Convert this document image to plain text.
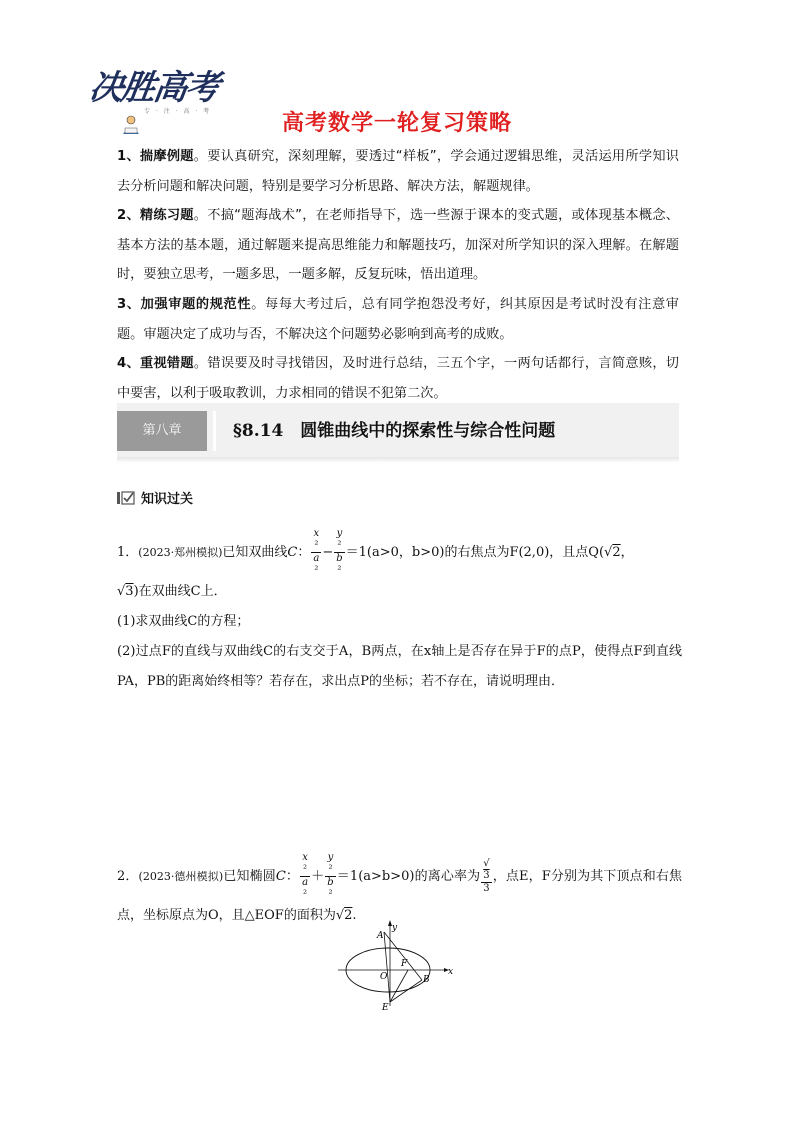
决胜高考
专 · 注 · 高 · 考	高考数学一轮复习策略

1、揣摩例题。要认真研究，深刻理解，要透过“样板”，学会通过逻辑思维，灵活运用所学知识去分析问题和解决问题，特别是要学习分析思路、解决方法，解题规律。

2、精练习题。不搞“题海战术”，在老师指导下，选一些源于课本的变式题，或体现基本概念、基本方法的基本题，通过解题来提高思维能力和解题技巧，加深对所学知识的深入理解。在解题时，要独立思考，一题多思，一题多解，反复玩味，悟出道理。

3、加强审题的规范性。每每大考过后，总有同学抱怨没考好，纠其原因是考试时没有注意审题。审题决定了成功与否，不解决这个问题势必影响到高考的成败。

4、重视错题。错误要及时寻找错因，及时进行总结，三五个字，一两句话都行，言简意赅，切中要害，以利于吸取教训，力求相同的错误不犯第二次。

第八章	§8.14　圆锥曲线中的探索性与综合性问题
知识过关

1．(2023·郑州模拟)已知双曲线C： x
²
a
² − y
²
b
² ＝1(a>0，b>0)的右焦点为F(2,0)，且点Q(√2，

√3)在双曲线C上．

(1)求双曲线C的方程；

(2)过点F的直线与双曲线C的右支交于A，B两点，在x轴上是否存在异于F的点P，使得点F到直线PA，PB的距离始终相等？若存在，求出点P的坐标；若不存在，请说明理由．

2．(2023·德州模拟)已知椭圆C： x
²
a
² ＋ y
²
b
² ＝1(a>b>0)的离心率为 √
3
3 ，点E，F分别为其下顶点和右焦点，坐标原点为O，且△EOF的面积为√2.

A
y
O
F
B
x
E
